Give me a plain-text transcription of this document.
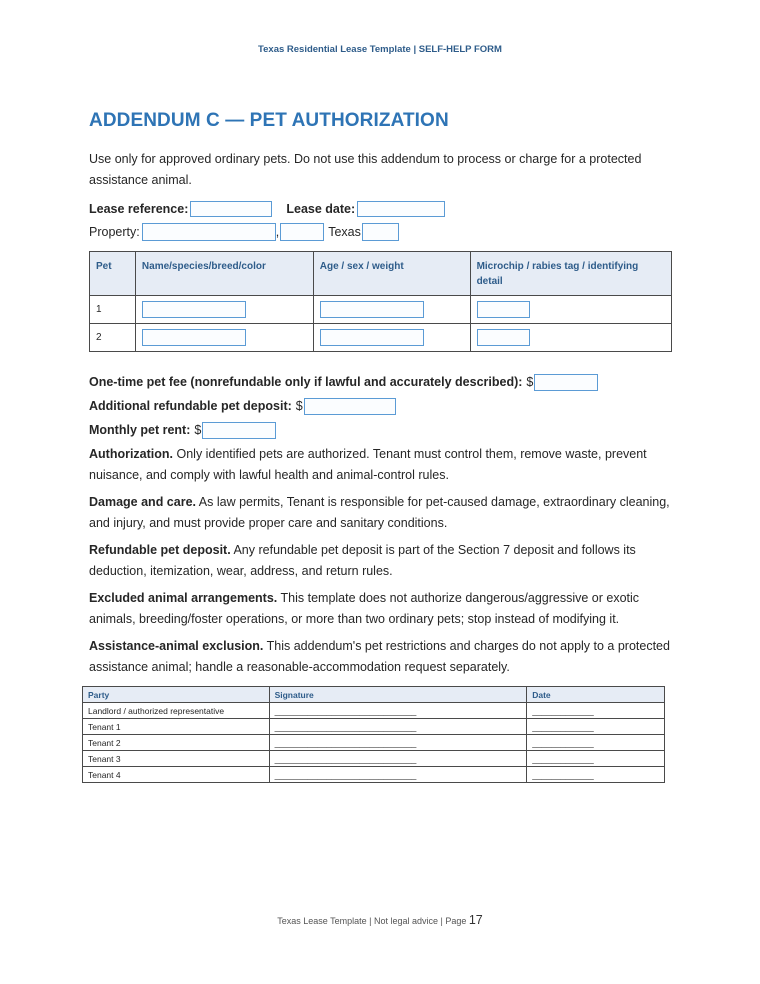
Texas Residential Lease Template | SELF-HELP FORM
ADDENDUM C — PET AUTHORIZATION
Use only for approved ordinary pets. Do not use this addendum to process or charge for a protected assistance animal.
Lease reference:	Lease date:
Property:	,	Texas
Pet	Name/species/breed/color	Age / sex / weight	Microchip / rabies tag / identifying detail
1			
2			
One-time pet fee (nonrefundable only if lawful and accurately described): $
Additional refundable pet deposit: $
Monthly pet rent: $
Authorization. Only identified pets are authorized. Tenant must control them, remove waste, prevent nuisance, and comply with lawful health and animal-control rules.
Damage and care. As law permits, Tenant is responsible for pet-caused damage, extraordinary cleaning, and injury, and must provide proper care and sanitary conditions.
Refundable pet deposit. Any refundable pet deposit is part of the Section 7 deposit and follows its deduction, itemization, wear, address, and return rules.
Excluded animal arrangements. This template does not authorize dangerous/aggressive or exotic animals, breeding/foster operations, or more than two ordinary pets; stop instead of modifying it.
Assistance-animal exclusion. This addendum's pet restrictions and charges do not apply to a protected assistance animal; handle a reasonable-accommodation request separately.
Party	Signature	Date
Landlord / authorized representative	______________________________	_____________
Tenant 1	______________________________	_____________
Tenant 2	______________________________	_____________
Tenant 3	______________________________	_____________
Tenant 4	______________________________	_____________
Texas Lease Template | Not legal advice | Page 17
